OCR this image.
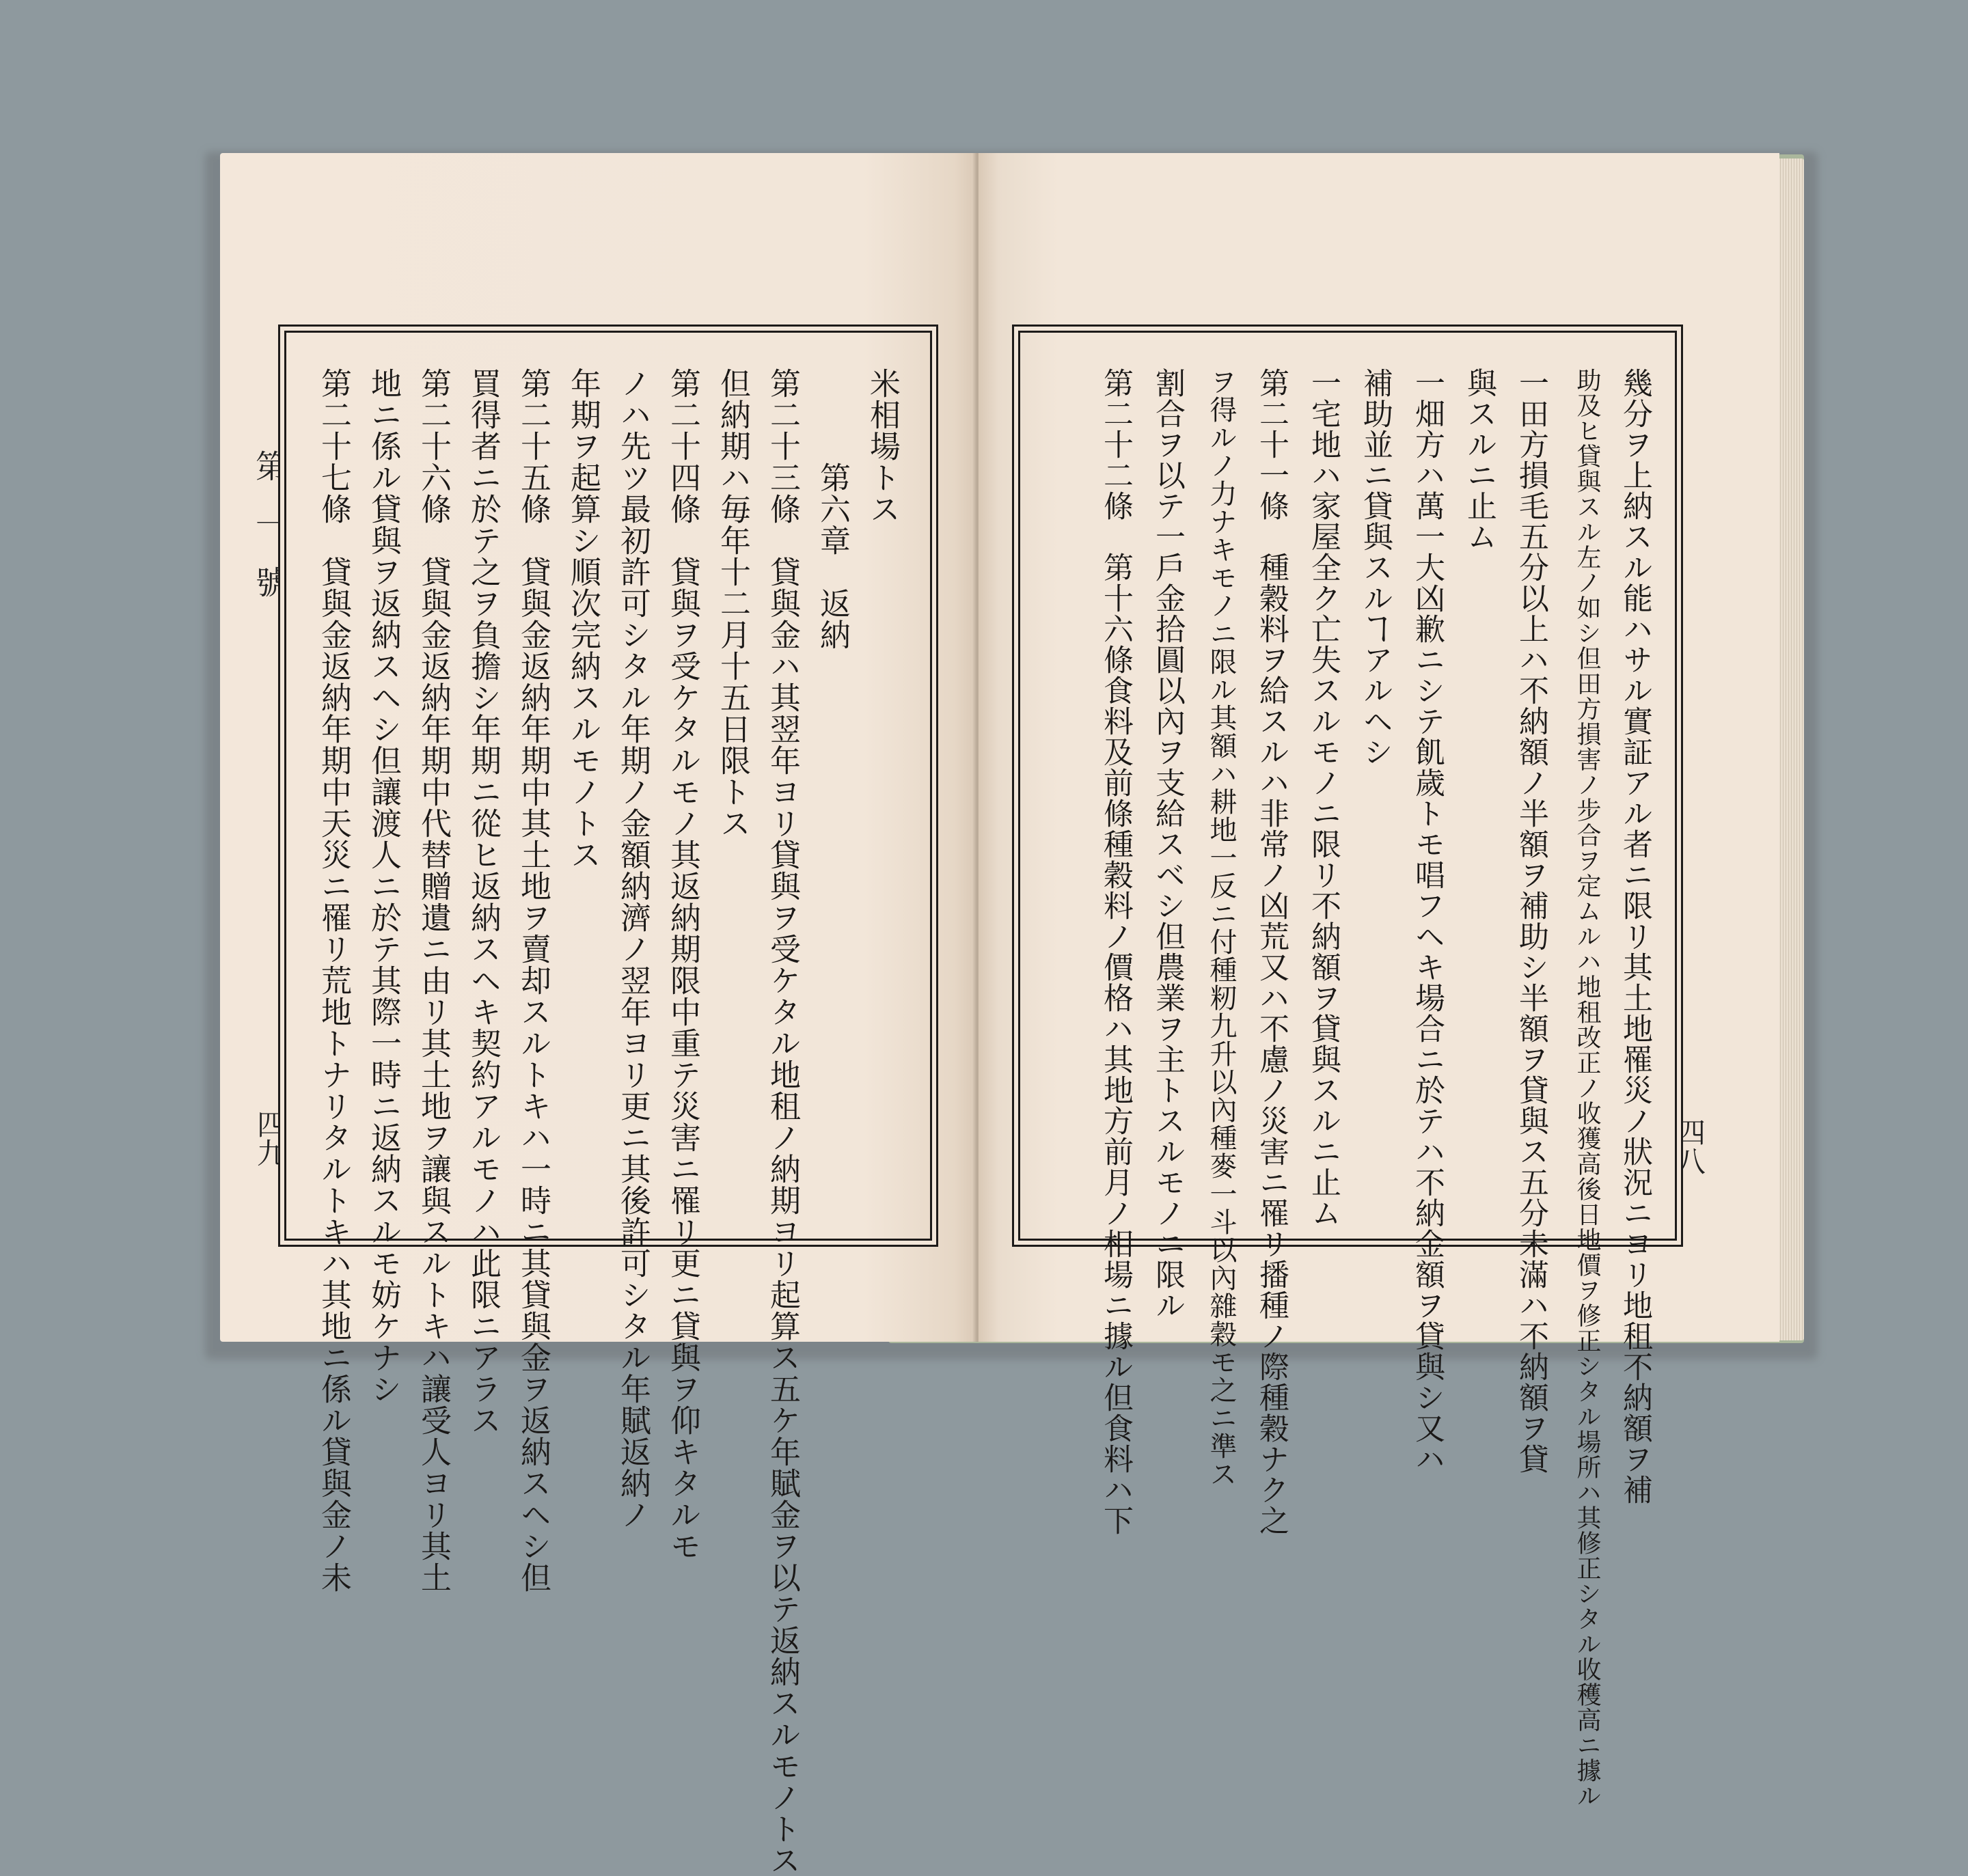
第一號
四九
米相場トス
　　　第六章　返納
第二十三條　貸與金ハ其翌年ヨリ貸與ヲ受ケタル地租ノ納期ヨリ起算ス五ケ年賦金ヲ以テ返納スルモノトス
但納期ハ毎年十二月十五日限トス
第二十四條　貸與ヲ受ケタルモノ其返納期限中重テ災害ニ罹リ更ニ貸與ヲ仰キタルモ
ノハ先ツ最初許可シタル年期ノ金額納濟ノ翌年ヨリ更ニ其後許可シタル年賦返納ノ
年期ヲ起算シ順次完納スルモノトス
第二十五條　貸與金返納年期中其土地ヲ賣却スルトキハ一時ニ其貸與金ヲ返納スヘシ但
買得者ニ於テ之ヲ負擔シ年期ニ從ヒ返納スヘキ契約アルモノハ此限ニアラス
第二十六條　貸與金返納年期中代替贈遺ニ由リ其土地ヲ讓與スルトキハ讓受人ヨリ其土
地ニ係ル貸與ヲ返納スヘシ但讓渡人ニ於テ其際一時ニ返納スルモ妨ケナシ
第二十七條　貸與金返納年期中天災ニ罹リ荒地トナリタルトキハ其地ニ係ル貸與金ノ未	四八
幾分ヲ上納スル能ハサル實証アル者ニ限リ其土地罹災ノ狀況ニヨリ地租不納額ヲ補
助及ヒ貸與スル左ノ如シ但田方損害ノ步合ヲ定ムルハ地租改正ノ收獲高後日地價ヲ修正シタル場所ハ其修正シタル收穫高ニ據ル
一田方損毛五分以上ハ不納額ノ半額ヲ補助シ半額ヲ貸與ス五分未滿ハ不納額ヲ貸
與スルニ止ム
一畑方ハ萬一大凶歉ニシテ飢歲トモ唱フヘキ場合ニ於テハ不納金額ヲ貸與シ又ハ
補助並ニ貸與スルヿアルヘシ
一宅地ハ家屋全ク亡失スルモノニ限リ不納額ヲ貸與スルニ止ム
第二十一條　種穀料ヲ給スルハ非常ノ凶荒又ハ不慮ノ災害ニ罹リ播種ノ際種穀ナク之
ヲ得ルノ力ナキモノニ限ル其額ハ耕地一反ニ付種籾九升以內種麥一斗以內雜穀モ之ニ準ス
割合ヲ以テ一戶金拾圓以內ヲ支給スベシ但農業ヲ主トスルモノニ限ル
第二十二條　第十六條食料及前條種穀料ノ價格ハ其地方前月ノ相場ニ據ル但食料ハ下
